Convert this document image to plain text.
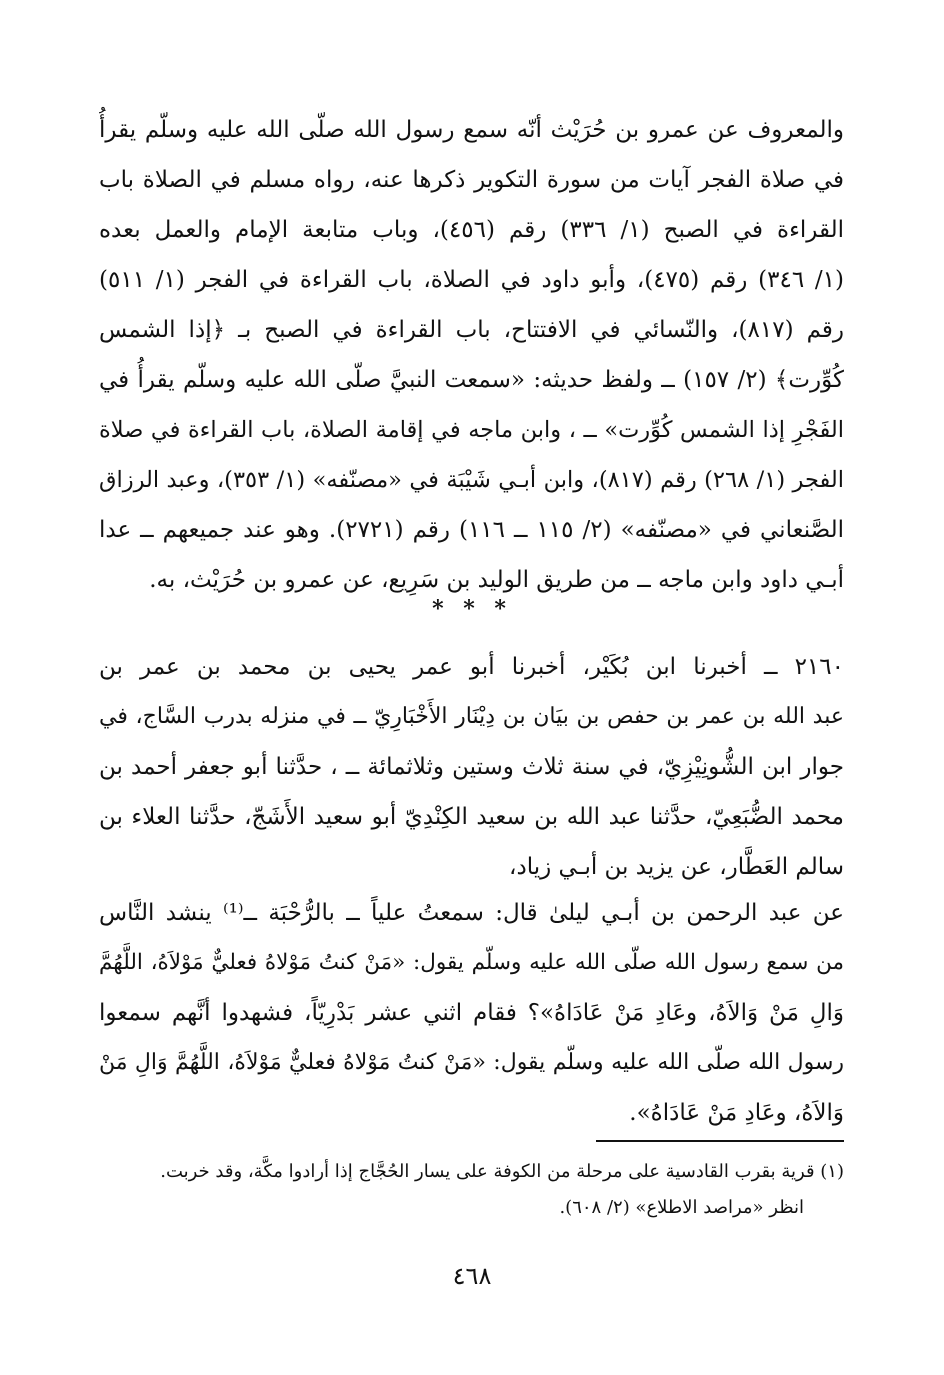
والمعروف عن عمرو بن حُرَيْث أنّه سمع رسول الله صلّى الله عليه وسلّم يقرأُ
في صلاة الفجر آيات من سورة التكوير ذكرها عنه، رواه مسلم في الصلاة باب
القراءة في الصبح (١/ ٣٣٦) رقم (٤٥٦)، وباب متابعة الإمام والعمل بعده
(١/ ٣٤٦) رقم (٤٧٥)، وأبو داود في الصلاة، باب القراءة في الفجر (١/ ٥١١)
رقم (٨١٧)، والنّسائي في الافتتاح، باب القراءة في الصبح بـ ﴿إذا الشمس
كُوِّرت﴾ (٢/ ١٥٧) ــ ولفظ حديثه: «سمعت النبيَّ صلّى الله عليه وسلّم يقرأُ في
الفَجْرِ إذا الشمس كُوِّرت» ــ ، وابن ماجه في إقامة الصلاة، باب القراءة في صلاة
الفجر (١/ ٢٦٨) رقم (٨١٧)، وابن أبـي شَيْبَة في «مصنّفه» (١/ ٣٥٣)، وعبد الرزاق
الصَّنعاني في «مصنّفه» (٢/ ١١٥ ــ ١١٦) رقم (٢٧٢١). وهو عند جميعهم ــ عدا
أبـي داود وابن ماجه ــ من طريق الوليد بن سَرِيع، عن عمرو بن حُرَيْث، به.
* * *
٢١٦٠ ــ أخبرنا ابن بُكَيْر، أخبرنا أبو عمر يحيى بن محمد بن عمر بن
عبد الله بن عمر بن حفص بن بيَان بن دِيْنَار الأَخْبَارِيّ ــ في منزله بدرب السَّاج، في
جوار ابن الشُّونِيْزِيّ، في سنة ثلاث وستين وثلاثمائة ــ ، حدَّثنا أبو جعفر أحمد بن
محمد الضُّبَعِيّ، حدَّثنا عبد الله بن سعيد الكِنْدِيّ أبو سعيد الأَشَجّ، حدَّثنا العلاء بن
سالم العَطَّار، عن يزيد بن أبـي زياد،
عن عبد الرحمن بن أبـي ليلىٰ قال: سمعتُ علياً ــ بالرُّحْبَة ــ⁽¹⁾ ينشد النَّاس
من سمع رسول الله صلّى الله عليه وسلّم يقول: «مَنْ كنتُ مَوْلاهُ فعليٌّ مَوْلاَهُ، اللَّهُمَّ
وَالِ مَنْ وَالاَهُ، وعَادِ مَنْ عَادَاهُ»؟ فقام اثني عشر بَدْرِيّاً، فشهدوا أنَّهم سمعوا
رسول الله صلّى الله عليه وسلّم يقول: «مَنْ كنتُ مَوْلاهُ فعليٌّ مَوْلاَهُ، اللَّهُمَّ وَالِ مَنْ
وَالاَهُ، وعَادِ مَنْ عَادَاهُ».
(١) قرية بقرب القادسية على مرحلة من الكوفة على يسار الحُجَّاج إذا أرادوا مكَّة، وقد خربت.
انظر «مراصد الاطلاع» (٢/ ٦٠٨).
٤٦٨
